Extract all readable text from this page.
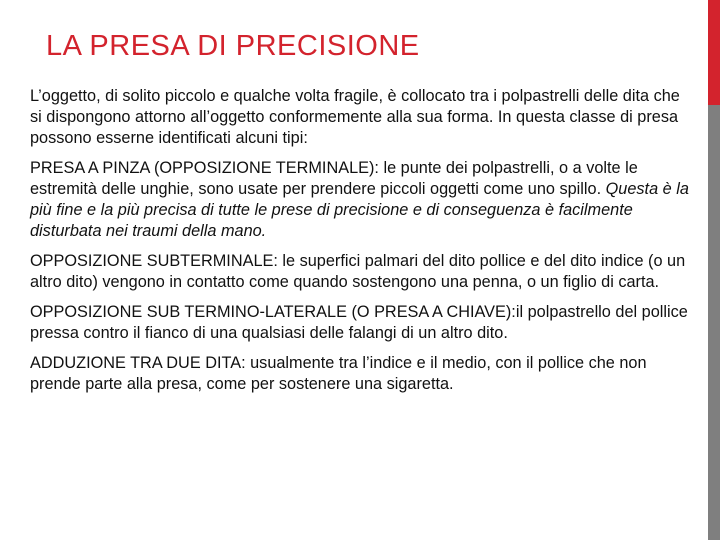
LA PRESA DI PRECISIONE

L’oggetto, di solito piccolo e qualche volta fragile, è collocato tra i polpastrelli delle dita che si dispongono attorno all’oggetto conformemente alla sua forma. In questa classe di presa possono esserne identificati alcuni tipi:

PRESA A PINZA (OPPOSIZIONE TERMINALE): le punte dei polpastrelli, o a volte le estremità delle unghie, sono usate per prendere piccoli oggetti come uno spillo. Questa è la più fine e la più precisa di tutte le prese di precisione e di conseguenza è facilmente disturbata nei traumi della mano.

OPPOSIZIONE SUBTERMINALE: le superfici palmari del dito pollice e del dito indice (o un altro dito) vengono in contatto come quando sostengono una penna, o un figlio di carta.

OPPOSIZIONE SUB TERMINO-LATERALE (O PRESA A CHIAVE):il polpastrello del pollice pressa contro il fianco di una qualsiasi delle falangi di un altro dito.

ADDUZIONE TRA DUE DITA: usualmente tra l’indice e il medio, con il pollice che non prende parte alla presa, come per sostenere una sigaretta.
